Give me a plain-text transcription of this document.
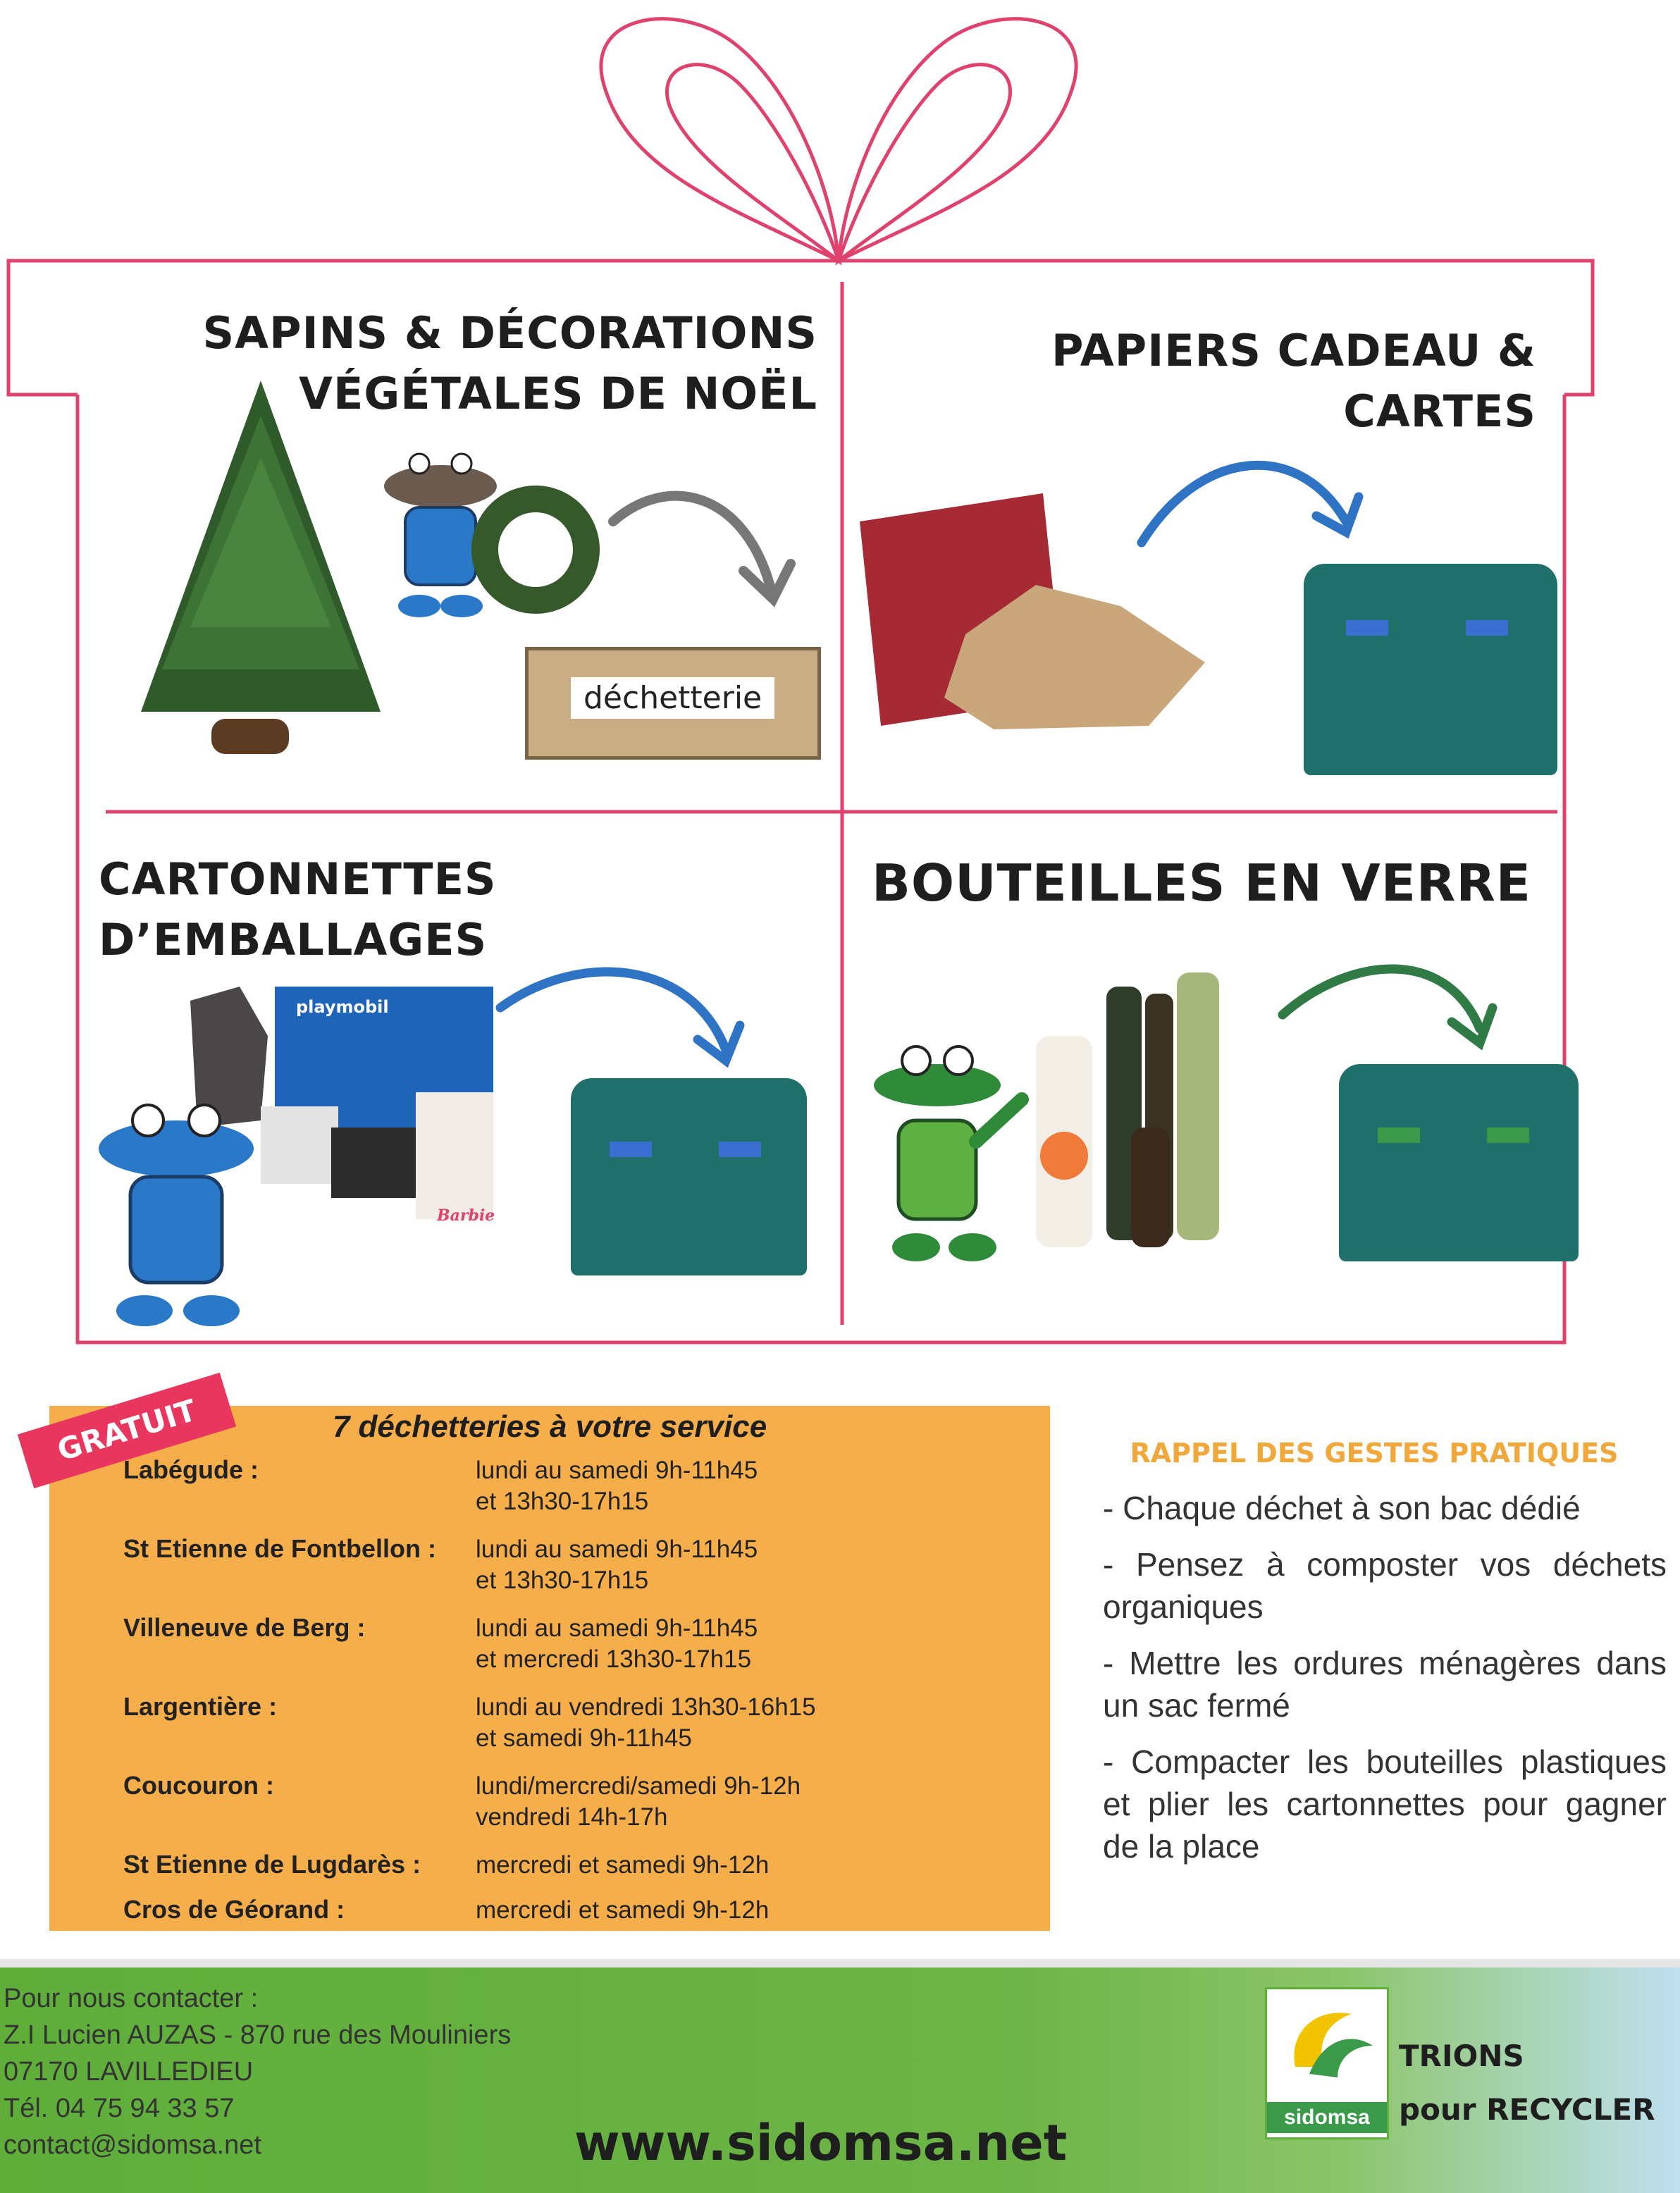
SAPINS & DÉCORATIONS
VÉGÉTALES DE NOËL
déchetterie
PAPIERS CADEAU &
CARTES
CARTONNETTES D’EMBALLAGES
playmobil
Barbie
BOUTEILLES EN VERRE
7 déchetteries à votre service
Labégude :	lundi au samedi 9h-11h45
et 13h30-17h15
St Etienne de Fontbellon : lundi au samedi 9h-11h45
et 13h30-17h15
Villeneuve de Berg :	lundi au samedi 9h-11h45
et mercredi 13h30-17h15
Largentière :	lundi au vendredi 13h30-16h15
et samedi 9h-11h45
Coucouron :	lundi/mercredi/samedi 9h-12h
vendredi 14h-17h
St Etienne de Lugdarès : mercredi et samedi 9h-12h
Cros de Géorand :	mercredi et samedi 9h-12h
GRATUIT	RAPPEL DES GESTES PRATIQUES
- Chaque déchet à son bac dédié
- Pensez à composter vos déchets organiques
- Mettre les ordures ménagères dans un sac fermé
- Compacter les bouteilles plastiques et plier les cartonnettes pour gagner de la place
Pour nous contacter :
Z.I Lucien AUZAS - 870 rue des Mouliniers
07170 LAVILLEDIEU
Tél. 04 75 94 33 57
contact@sidomsa.net	www.sidomsa.net	sidomsa
TRIONS
pour RECYCLER
